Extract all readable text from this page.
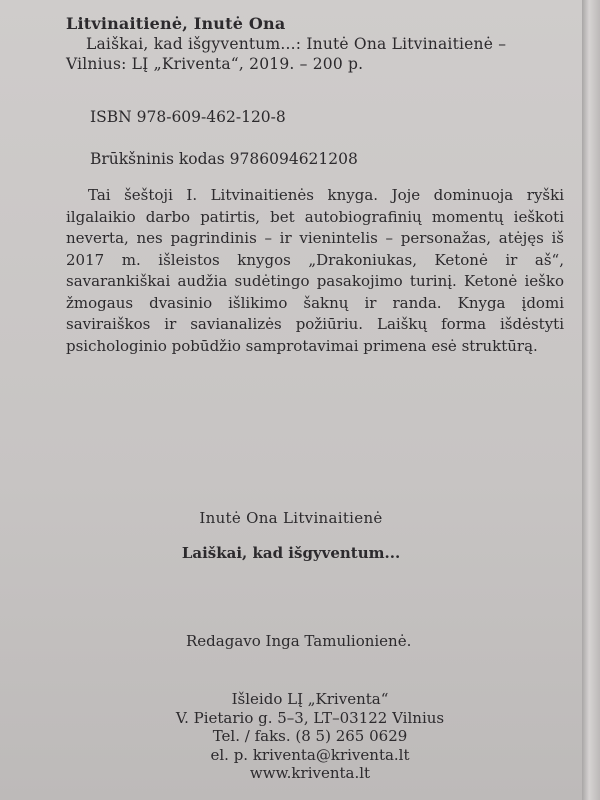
Litvinaitienė, Inutė Ona

Laiškai, kad išgyventum...: Inutė Ona Litvinaitienė –

Vilnius: LĮ „Kriventa“, 2019. – 200 p.

ISBN 978-609-462-120-8
Brūkšninis kodas 9786094621208

Tai šeštoji I. Litvinaitienės knyga. Joje dominuoja ryški ilgalaikio darbo patirtis, bet autobiografinių momentų ieškoti neverta, nes pagrindinis – ir vienintelis – personažas, atėjęs iš 2017 m. išleistos knygos „Drakoniukas, Ketonė ir aš“, savarankiškai audžia sudėtingo pasakojimo turinį. Ketonė ieško žmogaus dvasinio išlikimo šaknų ir randa. Knyga įdomi saviraiškos ir savianalizės požiūriu. Laiškų forma išdėstyti psichologinio pobūdžio samprotavimai primena esė struktūrą.

Inutė Ona Litvinaitienė
Laiškai, kad išgyventum...
Redagavo Inga Tamulionienė.
Išleido LĮ „Kriventa“
V. Pietario g. 5–3, LT–03122 Vilnius
Tel. / faks. (8 5) 265 0629
el. p. kriventa@kriventa.lt
www.kriventa.lt
